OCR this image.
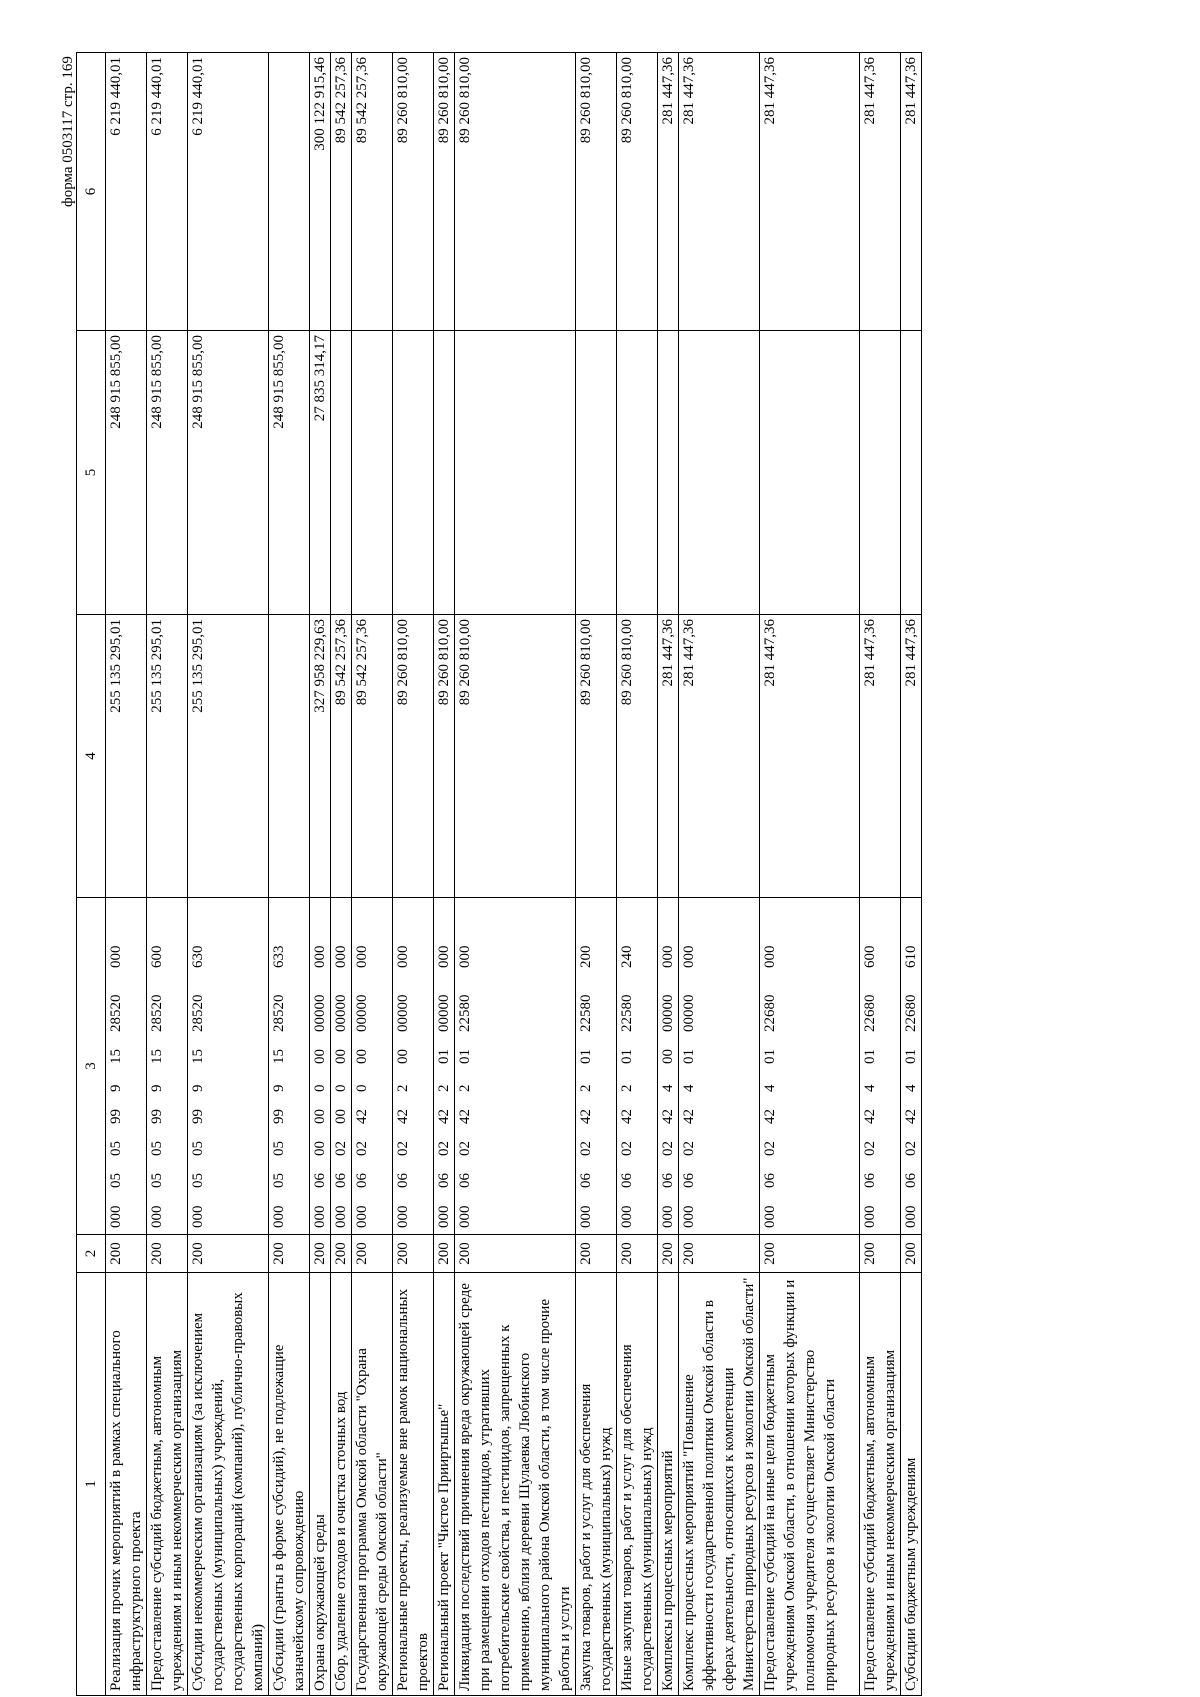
форма 0503117 стр. 169
1	2	3	4	5	6
Реализация прочих мероприятий в рамках специального инфраструктурного проекта	200	00005059991528520000	255 135 295,01	248 915 855,00	6 219 440,01
Предоставление субсидий бюджетным, автономным учреждениям и иным некоммерческим организациям	200	00005059991528520600	255 135 295,01	248 915 855,00	6 219 440,01
Субсидии некоммерческим организациям (за исключением государственных (муниципальных) учреждений, государственных корпораций (компаний), публично-правовых компаний)	200	00005059991528520630	255 135 295,01	248 915 855,00	6 219 440,01
Субсидии (гранты в форме субсидий), не подлежащие казначейскому сопровождению	200	00005059991528520633		248 915 855,00	
Охрана окружающей среды	200	00006000000000000000	327 958 229,63	27 835 314,17	300 122 915,46
Сбор, удаление отходов и очистка сточных вод	200	00006020000000000000	89 542 257,36		89 542 257,36
Государственная программа Омской области "Охрана окружающей среды Омской области"	200	00006024200000000000	89 542 257,36		89 542 257,36
Региональные проекты, реализуемые вне рамок национальных проектов	200	00006024220000000000	89 260 810,00		89 260 810,00
Региональный проект "Чистое Прииртышье"	200	00006024220100000000	89 260 810,00		89 260 810,00
Ликвидация последствий причинения вреда окружающей среде при размещении отходов пестицидов, утративших потребительские свойства, и пестицидов, запрещенных к применению, вблизи деревни Шулаевка Любинского муниципального района Омской области, в том числе прочие работы и услуги	200	00006024220122580000	89 260 810,00		89 260 810,00
Закупка товаров, работ и услуг для обеспечения государственных (муниципальных) нужд	200	00006024220122580200	89 260 810,00		89 260 810,00
Иные закупки товаров, работ и услуг для обеспечения государственных (муниципальных) нужд	200	00006024220122580240	89 260 810,00		89 260 810,00
Комплексы процессных мероприятий	200	00006024240000000000	281 447,36		281 447,36
Комплекс процессных мероприятий "Повышение эффективности государственной политики Омской области в сферах деятельности, относящихся к компетенции Министерства природных ресурсов и экологии Омской области"	200	00006024240100000000	281 447,36		281 447,36
Предоставление субсидий на иные цели бюджетным учреждениям Омской области, в отношении которых функции и полномочия учредителя осуществляет Министерство природных ресурсов и экологии Омской области	200	00006024240122680000	281 447,36		281 447,36
Предоставление субсидий бюджетным, автономным учреждениям и иным некоммерческим организациям	200	00006024240122680600	281 447,36		281 447,36
Субсидии бюджетным учреждениям	200	00006024240122680610	281 447,36		281 447,36
